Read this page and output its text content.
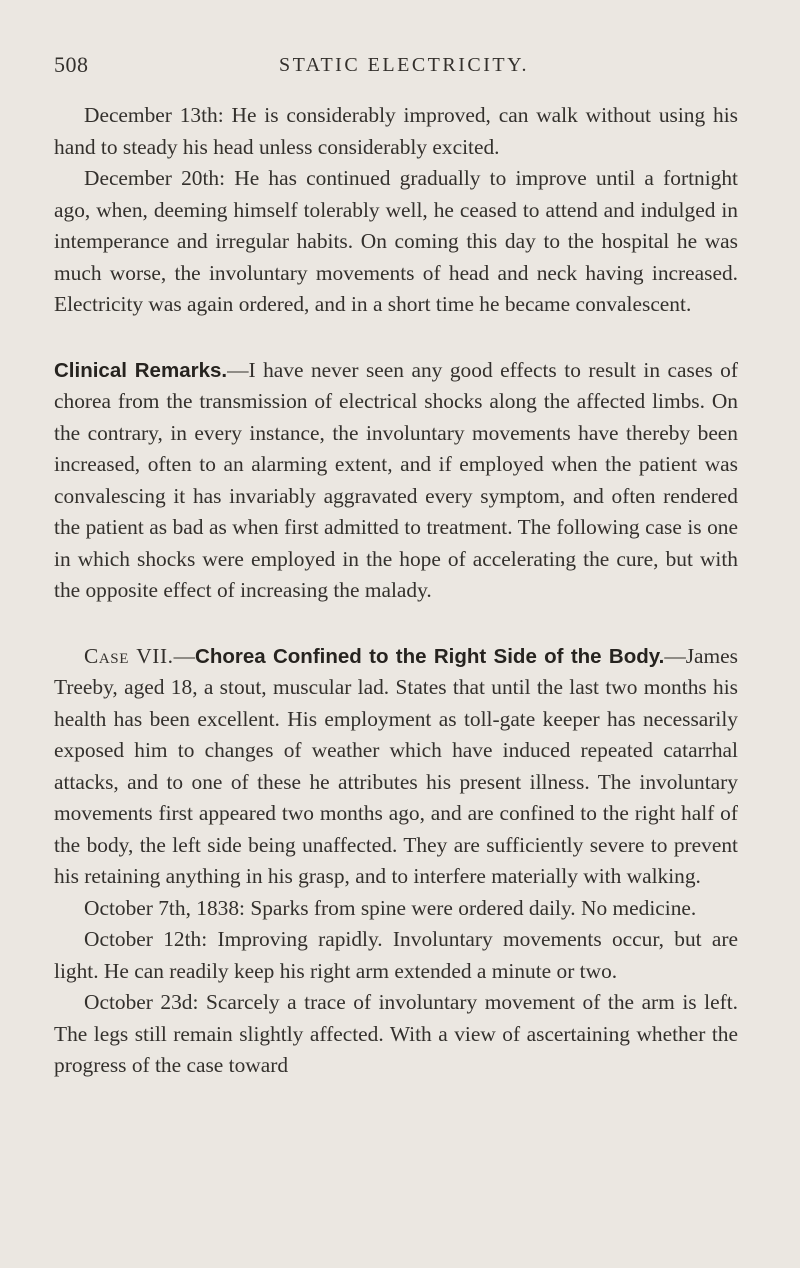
508	STATIC ELECTRICITY.

December 13th: He is considerably improved, can walk without using his hand to steady his head unless considerably excited.

December 20th: He has continued gradually to improve until a fortnight ago, when, deeming himself tolerably well, he ceased to attend and indulged in intemperance and irregular habits. On coming this day to the hospital he was much worse, the involuntary movements of head and neck having increased. Electricity was again ordered, and in a short time he became convalescent.

Clinical Remarks.—I have never seen any good effects to result in cases of chorea from the transmission of electrical shocks along the affected limbs. On the contrary, in every instance, the involuntary movements have thereby been increased, often to an alarming extent, and if employed when the patient was convalescing it has invariably aggravated every symptom, and often rendered the patient as bad as when first admitted to treatment. The following case is one in which shocks were employed in the hope of accelerating the cure, but with the opposite effect of increasing the malady.

Case VII.—Chorea Confined to the Right Side of the Body.—James Treeby, aged 18, a stout, muscular lad. States that until the last two months his health has been excellent. His employment as toll-gate keeper has necessarily exposed him to changes of weather which have induced repeated catarrhal attacks, and to one of these he attributes his present illness. The involuntary movements first appeared two months ago, and are confined to the right half of the body, the left side being unaffected. They are sufficiently severe to prevent his retaining anything in his grasp, and to interfere materially with walking.

October 7th, 1838: Sparks from spine were ordered daily. No medicine.

October 12th: Improving rapidly. Involuntary movements occur, but are light. He can readily keep his right arm extended a minute or two.

October 23d: Scarcely a trace of involuntary movement of the arm is left. The legs still remain slightly affected. With a view of ascertaining whether the progress of the case toward
